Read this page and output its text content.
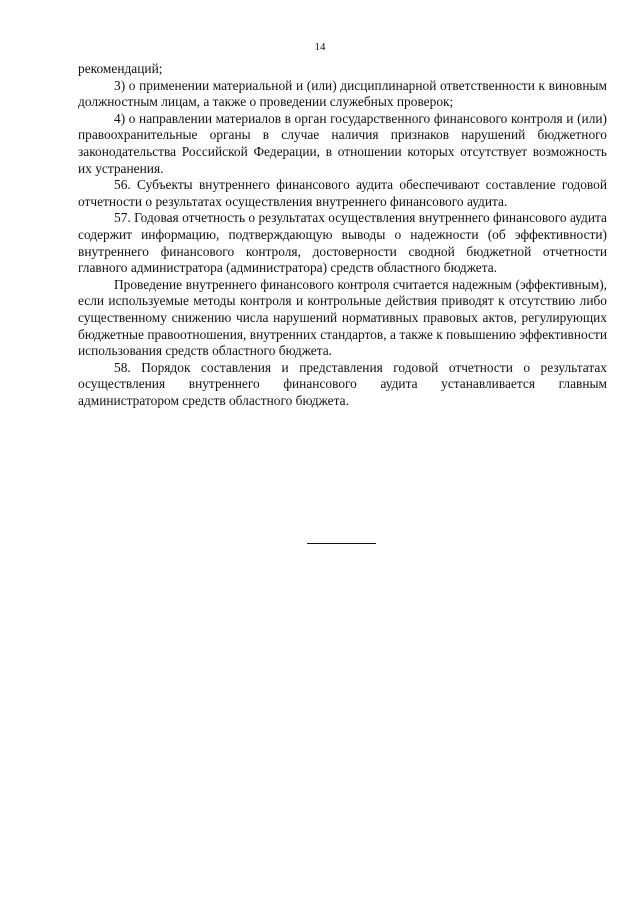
14

рекомендаций;

3) о применении материальной и (или) дисциплинарной ответственности к виновным должностным лицам, а также о проведении служебных проверок;

4) о направлении материалов в орган государственного финансового контроля и (или) правоохранительные органы в случае наличия признаков нарушений бюджетного законодательства Российской Федерации, в отношении которых отсутствует возможность их устранения.

56. Субъекты внутреннего финансового аудита обеспечивают составление годовой отчетности о результатах осуществления внутреннего финансового аудита.

57. Годовая отчетность о результатах осуществления внутреннего финансового аудита содержит информацию, подтверждающую выводы о надежности (об эффективности) внутреннего финансового контроля, достоверности сводной бюджетной отчетности главного администратора (администратора) средств областного бюджета.

Проведение внутреннего финансового контроля считается надежным (эффективным), если используемые методы контроля и контрольные действия приводят к отсутствию либо существенному снижению числа нарушений нормативных правовых актов, регулирующих бюджетные правоотношения, внутренних стандартов, а также к повышению эффективности использования средств областного бюджета.

58. Порядок составления и представления годовой отчетности о результатах осуществления внутреннего финансового аудита устанавливается главным администратором средств областного бюджета.
